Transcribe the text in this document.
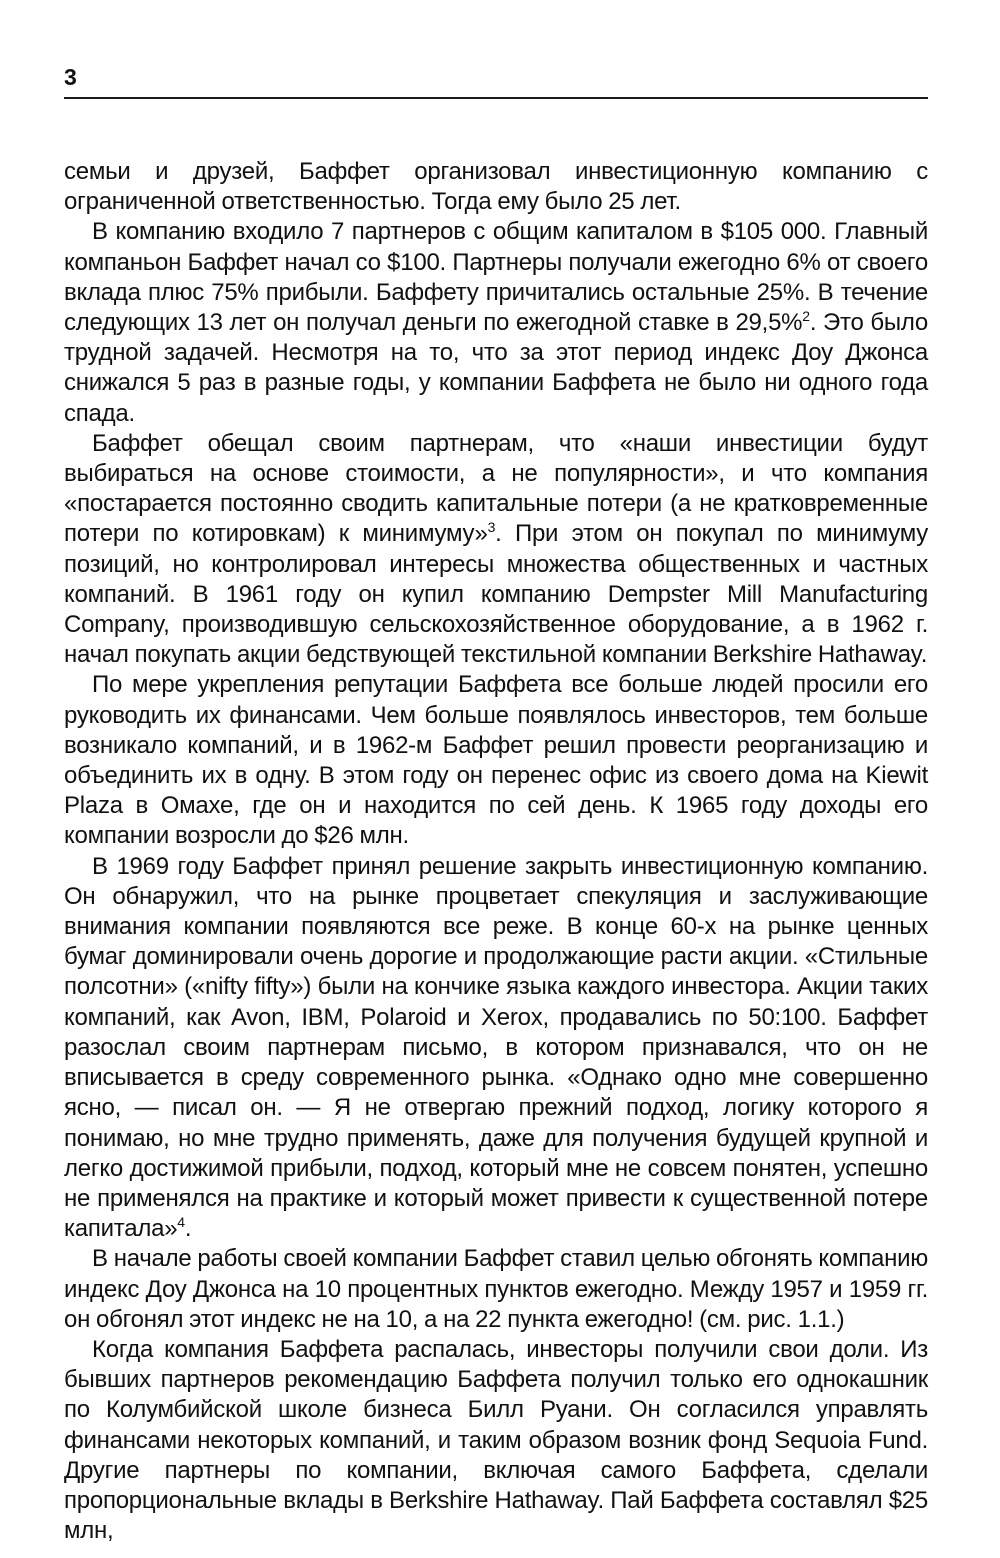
3

семьи и друзей, Баффет организовал инвестиционную компанию с ограниченной ответственностью. Тогда ему было 25 лет.

В компанию входило 7 партнеров с общим капиталом в $105 000. Главный компаньон Баффет начал со $100. Партнеры получали ежегодно 6% от своего вклада плюс 75% прибыли. Баффету причитались остальные 25%. В течение следующих 13 лет он получал деньги по ежегодной ставке в 29,5%$^2$. Это было трудной задачей. Несмотря на то, что за этот период индекс Доу Джонса снижался 5 раз в разные годы, у компании Баффета не было ни одного года спада.

Баффет обещал своим партнерам, что «наши инвестиции будут выбираться на основе стоимости, а не популярности», и что компания «постарается постоянно сводить капитальные потери (а не кратковременные потери по котировкам) к минимуму»$^3$. При этом он покупал по минимуму позиций, но контролировал интересы множества общественных и частных компаний. В 1961 году он купил компанию Dempster Mill Manufacturing Company, производившую сельскохозяйственное оборудование, а в 1962 г. начал покупать акции бедствующей текстильной компании Berkshire Hathaway.

По мере укрепления репутации Баффета все больше людей просили его руководить их финансами. Чем больше появлялось инвесторов, тем больше возникало компаний, и в 1962-м Баффет решил провести реорганизацию и объединить их в одну. В этом году он перенес офис из своего дома на Kiewit Plaza в Омахе, где он и находится по сей день. К 1965 году доходы его компании возросли до $26 млн.

В 1969 году Баффет принял решение закрыть инвестиционную компанию. Он обнаружил, что на рынке процветает спекуляция и заслуживающие внимания компании появляются все реже. В конце 60-х на рынке ценных бумаг доминировали очень дорогие и продолжающие расти акции. «Стильные полсотни» («nifty fifty») были на кончике языка каждого инвестора. Акции таких компаний, как Avon, IBM, Polaroid и Xerox, продавались по 50:100. Баффет разослал своим партнерам письмо, в котором признавался, что он не вписывается в среду современного рынка. «Однако одно мне совершенно ясно, — писал он. — Я не отвергаю прежний подход, логику которого я понимаю, но мне трудно применять, даже для получения будущей крупной и легко достижимой прибыли, подход, который мне не совсем понятен, успешно не применялся на практике и который может привести к существенной потере капитала»$^4$.

В начале работы своей компании Баффет ставил целью обгонять компанию индекс Доу Джонса на 10 процентных пунктов ежегодно. Между 1957 и 1959 гг. он обгонял этот индекс не на 10, а на 22 пункта ежегодно! (см. рис. 1.1.)

Когда компания Баффета распалась, инвесторы получили свои доли. Из бывших партнеров рекомендацию Баффета получил только его однокашник по Колумбийской школе бизнеса Билл Руани. Он согласился управлять финансами некоторых компаний, и таким образом возник фонд Sequoia Fund. Другие партнеры по компании, включая самого Баффета, сделали пропорциональные вклады в Berkshire Hathaway. Пай Баффета составлял $25 млн,
